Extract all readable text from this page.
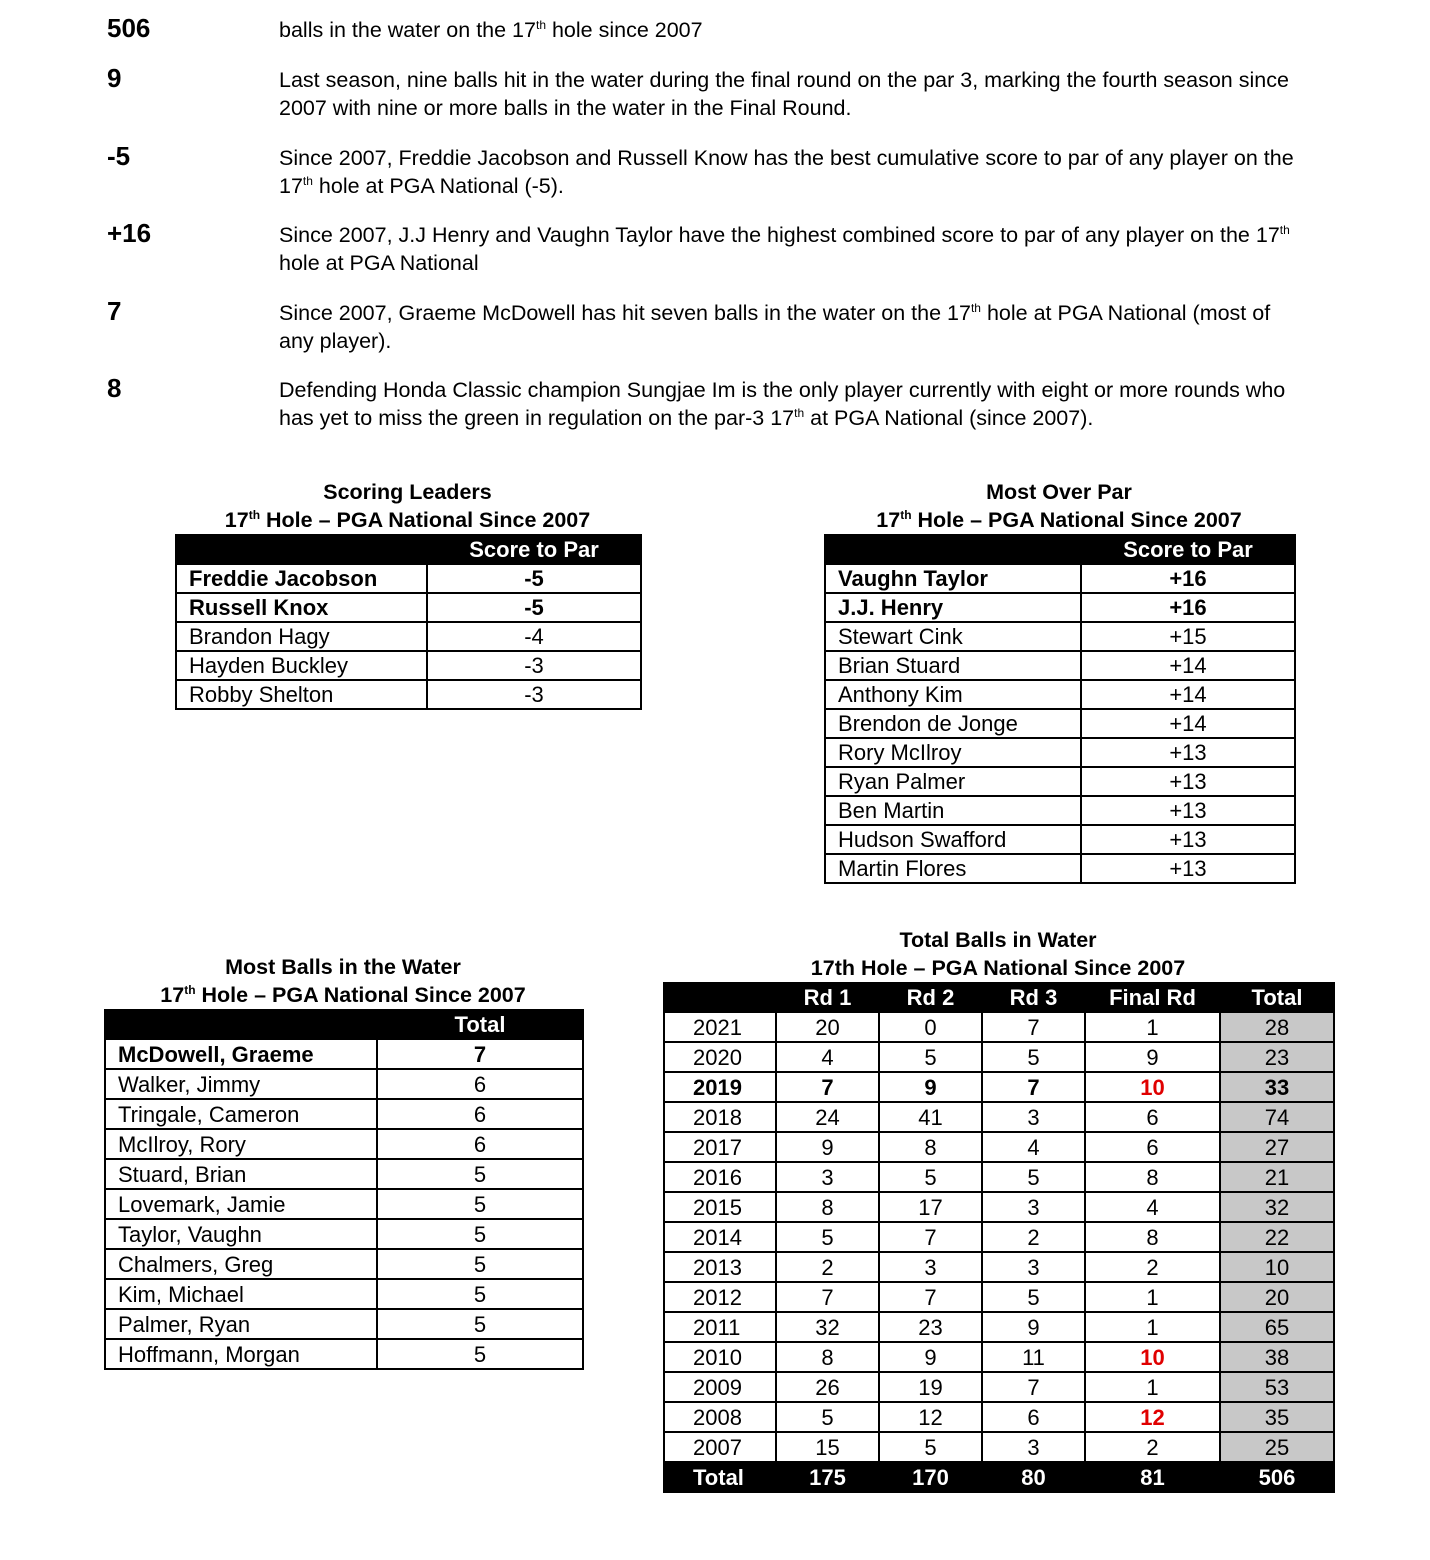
506	balls in the water on the 17th hole since 2007
9	Last season, nine balls hit in the water during the final round on the par 3, marking the fourth season since 2007 with nine or more balls in the water in the Final Round.
-5	Since 2007, Freddie Jacobson and Russell Know has the best cumulative score to par of any player on the 17th hole at PGA National (-5).
+16	Since 2007, J.J Henry and Vaughn Taylor have the highest combined score to par of any player on the 17th hole at PGA National
7	Since 2007, Graeme McDowell has hit seven balls in the water on the 17th hole at PGA National (most of any player).
8	Defending Honda Classic champion Sungjae Im is the only player currently with eight or more rounds who has yet to miss the green in regulation on the par-3 17th at PGA National (since 2007).
Scoring Leaders
17th Hole – PGA National Since 2007
	Score to Par
Freddie Jacobson	-5
Russell Knox	-5
Brandon Hagy	-4
Hayden Buckley	-3
Robby Shelton	-3
Most Over Par
17th Hole – PGA National Since 2007
	Score to Par
Vaughn Taylor	+16
J.J. Henry	+16
Stewart Cink	+15
Brian Stuard	+14
Anthony Kim	+14
Brendon de Jonge	+14
Rory McIlroy	+13
Ryan Palmer	+13
Ben Martin	+13
Hudson Swafford	+13
Martin Flores	+13
Most Balls in the Water
17th Hole – PGA National Since 2007
	Total
McDowell, Graeme	7
Walker, Jimmy	6
Tringale, Cameron	6
McIlroy, Rory	6
Stuard, Brian	5
Lovemark, Jamie	5
Taylor, Vaughn	5
Chalmers, Greg	5
Kim, Michael	5
Palmer, Ryan	5
Hoffmann, Morgan	5
Total Balls in Water
17th Hole – PGA National Since 2007
	Rd 1	Rd 2	Rd 3	Final Rd	Total
2021	20	0	7	1	28
2020	4	5	5	9	23
2019	7	9	7	10	33
2018	24	41	3	6	74
2017	9	8	4	6	27
2016	3	5	5	8	21
2015	8	17	3	4	32
2014	5	7	2	8	22
2013	2	3	3	2	10
2012	7	7	5	1	20
2011	32	23	9	1	65
2010	8	9	11	10	38
2009	26	19	7	1	53
2008	5	12	6	12	35
2007	15	5	3	2	25
Total	175	170	80	81	506
